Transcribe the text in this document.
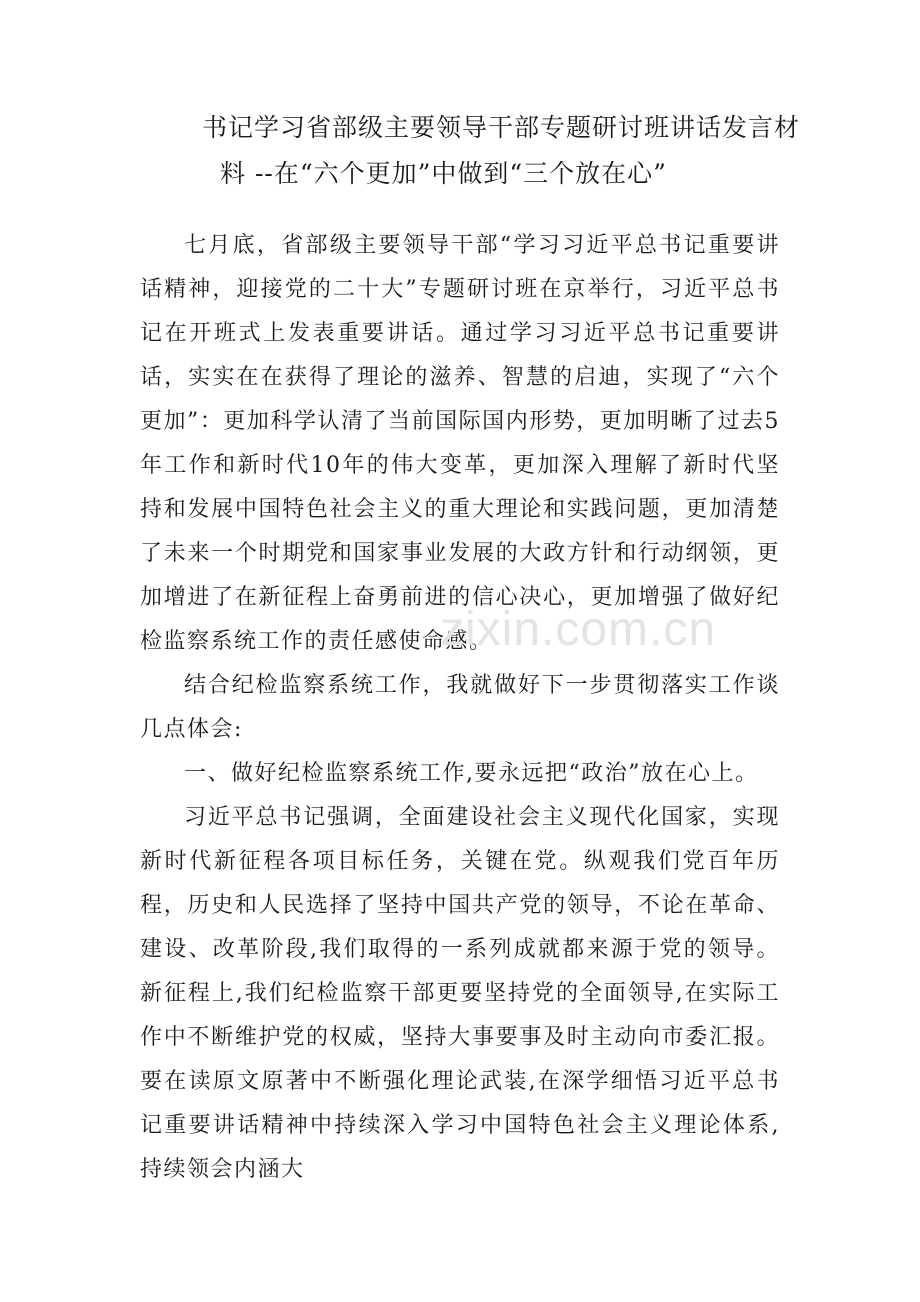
书记学习省部级主要领导干部专题研讨班讲话发言材
料 --在“六个更加”中做到“三个放在心”

七月底，省部级主要领导干部“学习习近平总书记重要讲话精神，迎接党的二十大”专题研讨班在京举行，习近平总书记在开班式上发表重要讲话。通过学习习近平总书记重要讲话，实实在在获得了理论的滋养、智慧的启迪，实现了“六个更加”：更加科学认清了当前国际国内形势，更加明晰了过去5年工作和新时代10年的伟大变革，更加深入理解了新时代坚持和发展中国特色社会主义的重大理论和实践问题，更加清楚了未来一个时期党和国家事业发展的大政方针和行动纲领，更加增进了在新征程上奋勇前进的信心决心，更加增强了做好纪检监察系统工作的责任感使命感。

结合纪检监察系统工作，我就做好下一步贯彻落实工作谈几点体会:

一、做好纪检监察系统工作,要永远把“政治”放在心上。

习近平总书记强调，全面建设社会主义现代化国家，实现新时代新征程各项目标任务，关键在党。纵观我们党百年历程，历史和人民选择了坚持中国共产党的领导，不论在革命、建设、改革阶段,我们取得的一系列成就都来源于党的领导。新征程上,我们纪检监察干部更要坚持党的全面领导,在实际工作中不断维护党的权威，坚持大事要事及时主动向市委汇报。要在读原文原著中不断强化理论武装,在深学细悟习近平总书记重要讲话精神中持续深入学习中国特色社会主义理论体系,持续领会内涵大

zixin.com.cn
